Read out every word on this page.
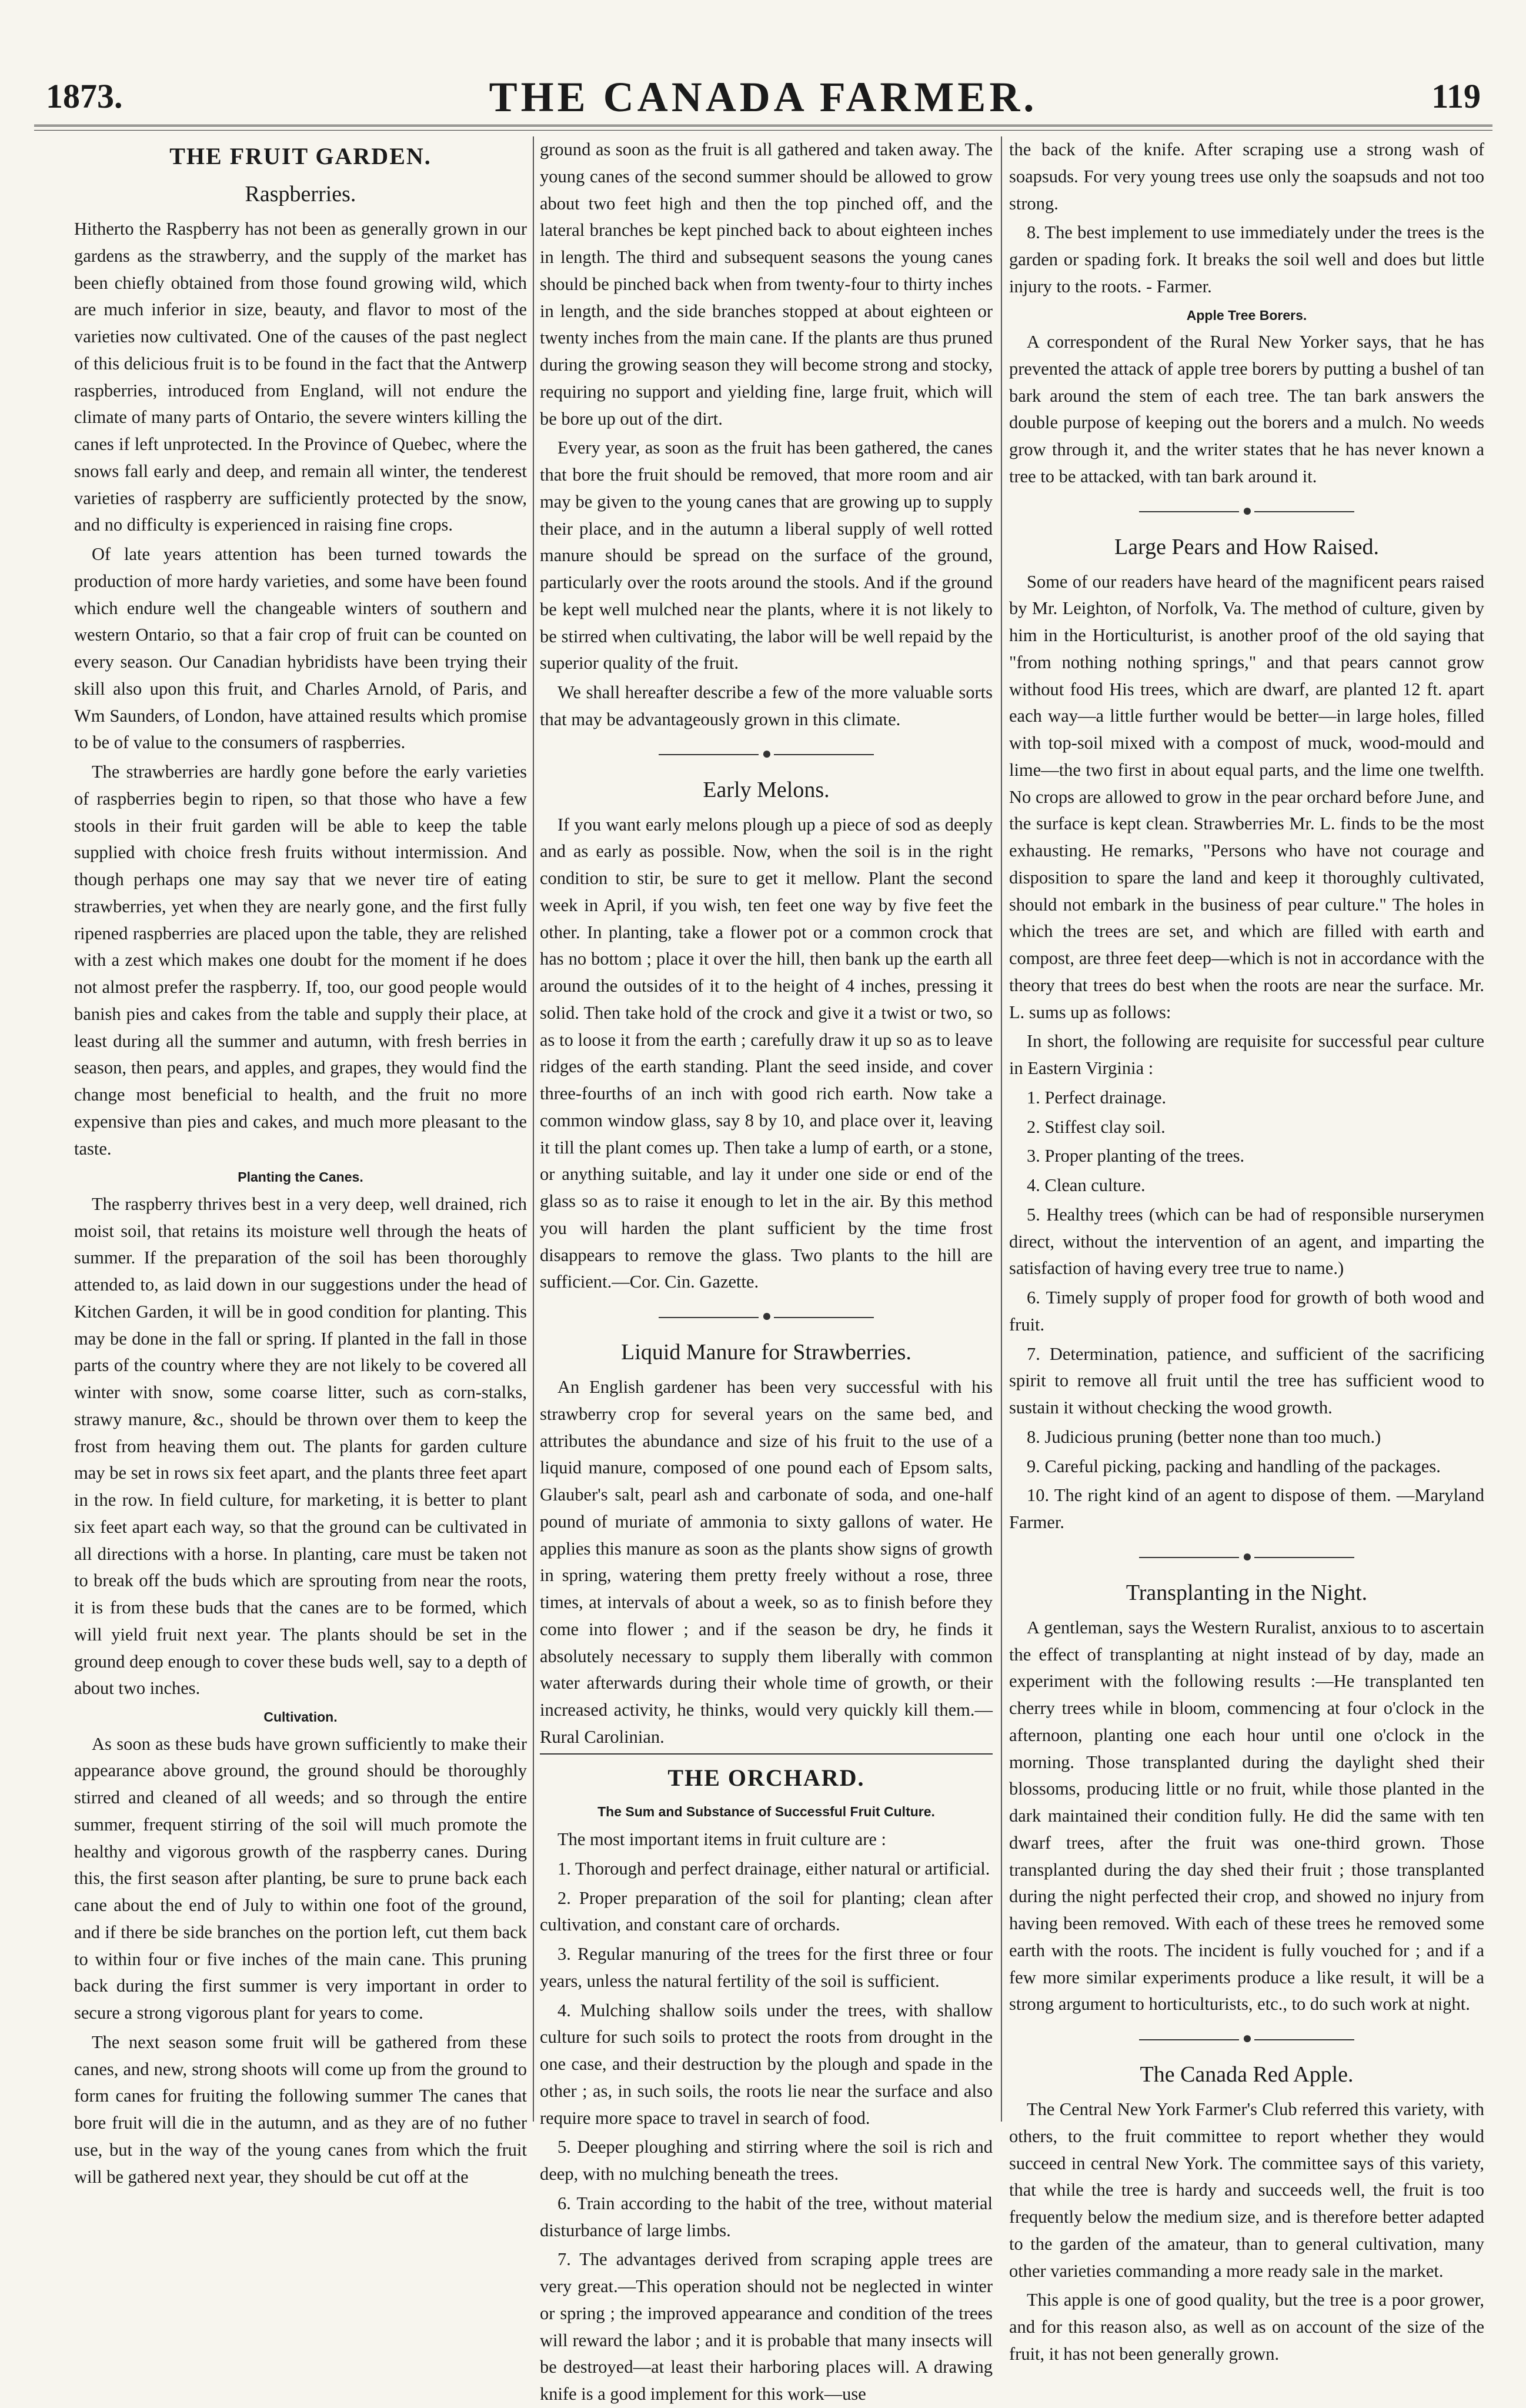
1873.	THE CANADA FARMER.	119
THE FRUIT GARDEN.
Raspberries.

Hitherto the Raspberry has not been as generally grown in our gardens as the strawberry, and the supply of the market has been chiefly obtained from those found growing wild, which are much inferior in size, beauty, and flavor to most of the varieties now cultivated. One of the causes of the past neglect of this delicious fruit is to be found in the fact that the Antwerp raspberries, introduced from England, will not endure the climate of many parts of Ontario, the severe winters killing the canes if left unprotected. In the Province of Quebec, where the snows fall early and deep, and remain all winter, the tenderest varieties of raspberry are sufficiently protected by the snow, and no difficulty is experienced in raising fine crops.

Of late years attention has been turned towards the production of more hardy varieties, and some have been found which endure well the changeable winters of southern and western Ontario, so that a fair crop of fruit can be counted on every season. Our Canadian hybridists have been trying their skill also upon this fruit, and Charles Arnold, of Paris, and Wm Saunders, of London, have attained results which promise to be of value to the consumers of raspberries.

The strawberries are hardly gone before the early varieties of raspberries begin to ripen, so that those who have a few stools in their fruit garden will be able to keep the table supplied with choice fresh fruits without intermission. And though perhaps one may say that we never tire of eating strawberries, yet when they are nearly gone, and the first fully ripened raspberries are placed upon the table, they are relished with a zest which makes one doubt for the moment if he does not almost prefer the raspberry. If, too, our good people would banish pies and cakes from the table and supply their place, at least during all the summer and autumn, with fresh berries in season, then pears, and apples, and grapes, they would find the change most beneficial to health, and the fruit no more expensive than pies and cakes, and much more pleasant to the taste.

Planting the Canes.

The raspberry thrives best in a very deep, well drained, rich moist soil, that retains its moisture well through the heats of summer. If the preparation of the soil has been thoroughly attended to, as laid down in our suggestions under the head of Kitchen Garden, it will be in good condition for planting. This may be done in the fall or spring. If planted in the fall in those parts of the country where they are not likely to be covered all winter with snow, some coarse litter, such as corn-stalks, strawy manure, &c., should be thrown over them to keep the frost from heaving them out. The plants for garden culture may be set in rows six feet apart, and the plants three feet apart in the row. In field culture, for marketing, it is better to plant six feet apart each way, so that the ground can be cultivated in all directions with a horse. In planting, care must be taken not to break off the buds which are sprouting from near the roots, it is from these buds that the canes are to be formed, which will yield fruit next year. The plants should be set in the ground deep enough to cover these buds well, say to a depth of about two inches.

Cultivation.

As soon as these buds have grown sufficiently to make their appearance above ground, the ground should be thoroughly stirred and cleaned of all weeds; and so through the entire summer, frequent stirring of the soil will much promote the healthy and vigorous growth of the raspberry canes. During this, the first season after planting, be sure to prune back each cane about the end of July to within one foot of the ground, and if there be side branches on the portion left, cut them back to within four or five inches of the main cane. This pruning back during the first summer is very important in order to secure a strong vigorous plant for years to come.

The next season some fruit will be gathered from these canes, and new, strong shoots will come up from the ground to form canes for fruiting the following summer The canes that bore fruit will die in the autumn, and as they are of no futher use, but in the way of the young canes from which the fruit will be gathered next year, they should be cut off at the

ground as soon as the fruit is all gathered and taken away. The young canes of the second summer should be allowed to grow about two feet high and then the top pinched off, and the lateral branches be kept pinched back to about eighteen inches in length. The third and subsequent seasons the young canes should be pinched back when from twenty-four to thirty inches in length, and the side branches stopped at about eighteen or twenty inches from the main cane. If the plants are thus pruned during the growing season they will become strong and stocky, requiring no support and yielding fine, large fruit, which will be bore up out of the dirt.

Every year, as soon as the fruit has been gathered, the canes that bore the fruit should be removed, that more room and air may be given to the young canes that are growing up to supply their place, and in the autumn a liberal supply of well rotted manure should be spread on the surface of the ground, particularly over the roots around the stools. And if the ground be kept well mulched near the plants, where it is not likely to be stirred when cultivating, the labor will be well repaid by the superior quality of the fruit.

We shall hereafter describe a few of the more valuable sorts that may be advantageously grown in this climate.

●
Early Melons.

If you want early melons plough up a piece of sod as deeply and as early as possible. Now, when the soil is in the right condition to stir, be sure to get it mellow. Plant the second week in April, if you wish, ten feet one way by five feet the other. In planting, take a flower pot or a common crock that has no bottom ; place it over the hill, then bank up the earth all around the outsides of it to the height of 4 inches, pressing it solid. Then take hold of the crock and give it a twist or two, so as to loose it from the earth ; carefully draw it up so as to leave ridges of the earth standing. Plant the seed inside, and cover three-fourths of an inch with good rich earth. Now take a common window glass, say 8 by 10, and place over it, leaving it till the plant comes up. Then take a lump of earth, or a stone, or anything suitable, and lay it under one side or end of the glass so as to raise it enough to let in the air. By this method you will harden the plant sufficient by the time frost disappears to remove the glass. Two plants to the hill are sufficient.—Cor. Cin. Gazette.

●
Liquid Manure for Strawberries.

An English gardener has been very successful with his strawberry crop for several years on the same bed, and attributes the abundance and size of his fruit to the use of a liquid manure, composed of one pound each of Epsom salts, Glauber's salt, pearl ash and carbonate of soda, and one-half pound of muriate of ammonia to sixty gallons of water. He applies this manure as soon as the plants show signs of growth in spring, watering them pretty freely without a rose, three times, at intervals of about a week, so as to finish before they come into flower ; and if the season be dry, he finds it absolutely necessary to supply them liberally with common water afterwards during their whole time of growth, or their increased activity, he thinks, would very quickly kill them.—Rural Carolinian.

THE ORCHARD.
The Sum and Substance of Successful Fruit Culture.

The most important items in fruit culture are :

1. Thorough and perfect drainage, either natural or artificial.
2. Proper preparation of the soil for planting; clean after cultivation, and constant care of orchards.
3. Regular manuring of the trees for the first three or four years, unless the natural fertility of the soil is sufficient.
4. Mulching shallow soils under the trees, with shallow culture for such soils to protect the roots from drought in the one case, and their destruction by the plough and spade in the other ; as, in such soils, the roots lie near the surface and also require more space to travel in search of food.
5. Deeper ploughing and stirring where the soil is rich and deep, with no mulching beneath the trees.
6. Train according to the habit of the tree, without material disturbance of large limbs.
7. The advantages derived from scraping apple trees are very great.—This operation should not be neglected in winter or spring ; the improved appearance and condition of the trees will reward the labor ; and it is probable that many insects will be destroyed—at least their harboring places will. A drawing knife is a good implement for this work—use

the back of the knife. After scraping use a strong wash of soapsuds. For very young trees use only the soapsuds and not too strong.

8. The best implement to use immediately under the trees is the garden or spading fork. It breaks the soil well and does but little injury to the roots. - Farmer.

Apple Tree Borers.

A correspondent of the Rural New Yorker says, that he has prevented the attack of apple tree borers by putting a bushel of tan bark around the stem of each tree. The tan bark answers the double purpose of keeping out the borers and a mulch. No weeds grow through it, and the writer states that he has never known a tree to be attacked, with tan bark around it.

●
Large Pears and How Raised.

Some of our readers have heard of the magnificent pears raised by Mr. Leighton, of Norfolk, Va. The method of culture, given by him in the Horticulturist, is another proof of the old saying that "from nothing nothing springs," and that pears cannot grow without food His trees, which are dwarf, are planted 12 ft. apart each way—a little further would be better—in large holes, filled with top-soil mixed with a compost of muck, wood-mould and lime—the two first in about equal parts, and the lime one twelfth. No crops are allowed to grow in the pear orchard before June, and the surface is kept clean. Strawberries Mr. L. finds to be the most exhausting. He remarks, "Persons who have not courage and disposition to spare the land and keep it thoroughly cultivated, should not embark in the business of pear culture." The holes in which the trees are set, and which are filled with earth and compost, are three feet deep—which is not in accordance with the theory that trees do best when the roots are near the surface. Mr. L. sums up as follows:

In short, the following are requisite for successful pear culture in Eastern Virginia :

1. Perfect drainage.
2. Stiffest clay soil.
3. Proper planting of the trees.
4. Clean culture.
5. Healthy trees (which can be had of responsible nurserymen direct, without the intervention of an agent, and imparting the satisfaction of having every tree true to name.)
6. Timely supply of proper food for growth of both wood and fruit.
7. Determination, patience, and sufficient of the sacrificing spirit to remove all fruit until the tree has sufficient wood to sustain it without checking the wood growth.
8. Judicious pruning (better none than too much.)
9. Careful picking, packing and handling of the packages.
10. The right kind of an agent to dispose of them. —Maryland Farmer.
●
Transplanting in the Night.

A gentleman, says the Western Ruralist, anxious to to ascertain the effect of transplanting at night instead of by day, made an experiment with the following results :—He transplanted ten cherry trees while in bloom, commencing at four o'clock in the afternoon, planting one each hour until one o'clock in the morning. Those transplanted during the daylight shed their blossoms, producing little or no fruit, while those planted in the dark maintained their condition fully. He did the same with ten dwarf trees, after the fruit was one-third grown. Those transplanted during the day shed their fruit ; those transplanted during the night perfected their crop, and showed no injury from having been removed. With each of these trees he removed some earth with the roots. The incident is fully vouched for ; and if a few more similar experiments produce a like result, it will be a strong argument to horticulturists, etc., to do such work at night.

●
The Canada Red Apple.

The Central New York Farmer's Club referred this variety, with others, to the fruit committee to report whether they would succeed in central New York. The committee says of this variety, that while the tree is hardy and succeeds well, the fruit is too frequently below the medium size, and is therefore better adapted to the garden of the amateur, than to general cultivation, many other varieties commanding a more ready sale in the market.

This apple is one of good quality, but the tree is a poor grower, and for this reason also, as well as on account of the size of the fruit, it has not been generally grown.
